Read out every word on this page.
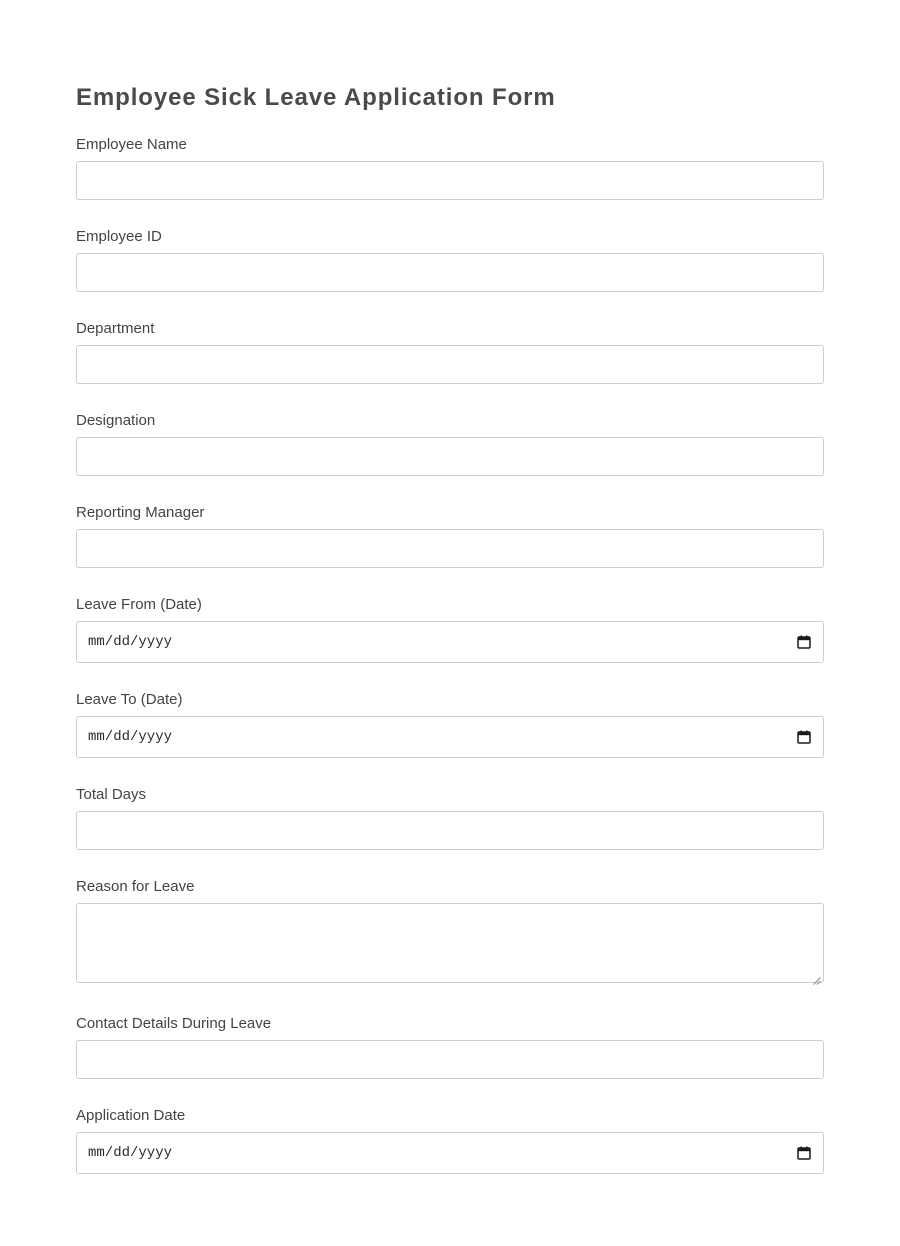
Employee Sick Leave Application Form
Employee Name
Employee ID
Department
Designation
Reporting Manager
Leave From (Date)
mm/dd/yyyy
Leave To (Date)
mm/dd/yyyy
Total Days
Reason for Leave
Contact Details During Leave
Application Date
mm/dd/yyyy
